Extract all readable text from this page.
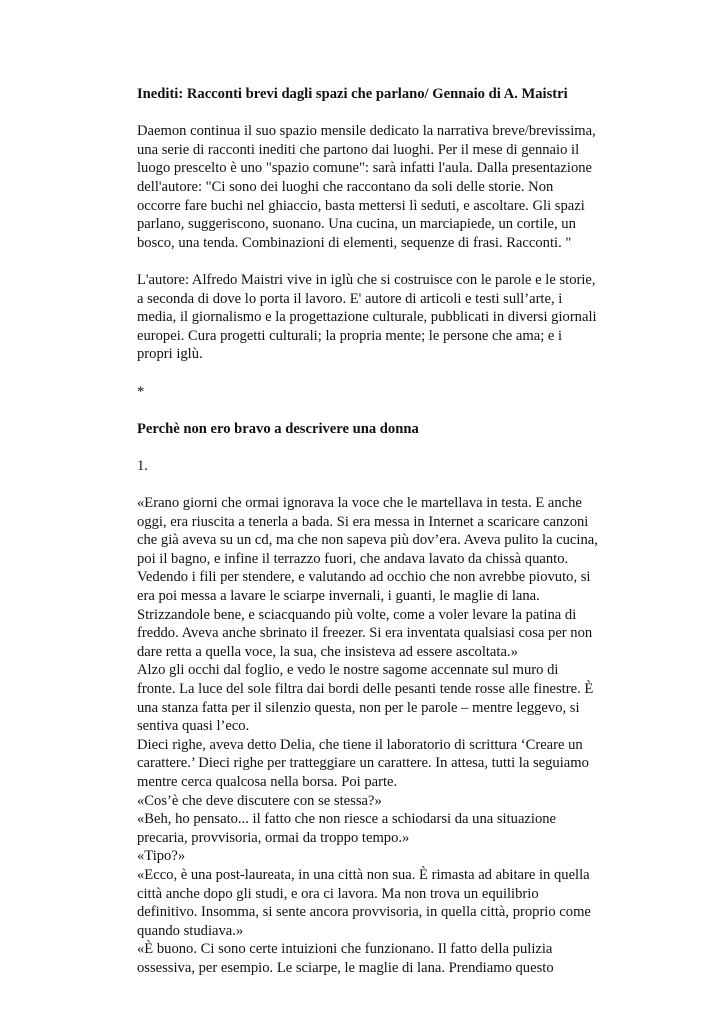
Inediti: Racconti brevi dagli spazi che parlano/ Gennaio di A. Maistri

Daemon continua il suo spazio mensile dedicato la narrativa breve/brevissima, una serie di racconti inediti che partono dai luoghi. Per il mese di gennaio il luogo prescelto è uno "spazio comune": sarà infatti l'aula. Dalla presentazione dell'autore: "Ci sono dei luoghi che raccontano da soli delle storie. Non occorre fare buchi nel ghiaccio, basta mettersi lì seduti, e ascoltare. Gli spazi parlano, suggeriscono, suonano. Una cucina, un marciapiede, un cortile, un bosco, una tenda. Combinazioni di elementi, sequenze di frasi. Racconti. "

L'autore: Alfredo Maistri vive in iglù che si costruisce con le parole e le storie, a seconda di dove lo porta il lavoro. E' autore di articoli e testi sull’arte, i media, il giornalismo e la progettazione culturale, pubblicati in diversi giornali europei. Cura progetti culturali; la propria mente; le persone che ama; e i propri iglù.

*

Perchè non ero bravo a descrivere una donna

1.

«Erano giorni che ormai ignorava la voce che le martellava in testa. E anche oggi, era riuscita a tenerla a bada. Si era messa in Internet a scaricare canzoni che già aveva su un cd, ma che non sapeva più dov’era. Aveva pulito la cucina, poi il bagno, e infine il terrazzo fuori, che andava lavato da chissà quanto. Vedendo i fili per stendere, e valutando ad occhio che non avrebbe piovuto, si era poi messa a lavare le sciarpe invernali, i guanti, le maglie di lana. Strizzandole bene, e sciacquando più volte, come a voler levare la patina di freddo. Aveva anche sbrinato il freezer. Si era inventata qualsiasi cosa per non dare retta a quella voce, la sua, che insisteva ad essere ascoltata.»

Alzo gli occhi dal foglio, e vedo le nostre sagome accennate sul muro di fronte. La luce del sole filtra dai bordi delle pesanti tende rosse alle finestre. È una stanza fatta per il silenzio questa, non per le parole – mentre leggevo, si sentiva quasi l’eco.

Dieci righe, aveva detto Delia, che tiene il laboratorio di scrittura ‘Creare un carattere.’ Dieci righe per tratteggiare un carattere. In attesa, tutti la seguiamo mentre cerca qualcosa nella borsa. Poi parte.

«Cos’è che deve discutere con se stessa?»

«Beh, ho pensato... il fatto che non riesce a schiodarsi da una situazione precaria, provvisoria, ormai da troppo tempo.»

«Tipo?»

«Ecco, è una post-laureata, in una città non sua. È rimasta ad abitare in quella città anche dopo gli studi, e ora ci lavora. Ma non trova un equilibrio definitivo. Insomma, si sente ancora provvisoria, in quella città, proprio come quando studiava.»

«È buono. Ci sono certe intuizioni che funzionano. Il fatto della pulizia ossessiva, per esempio. Le sciarpe, le maglie di lana. Prendiamo questo
